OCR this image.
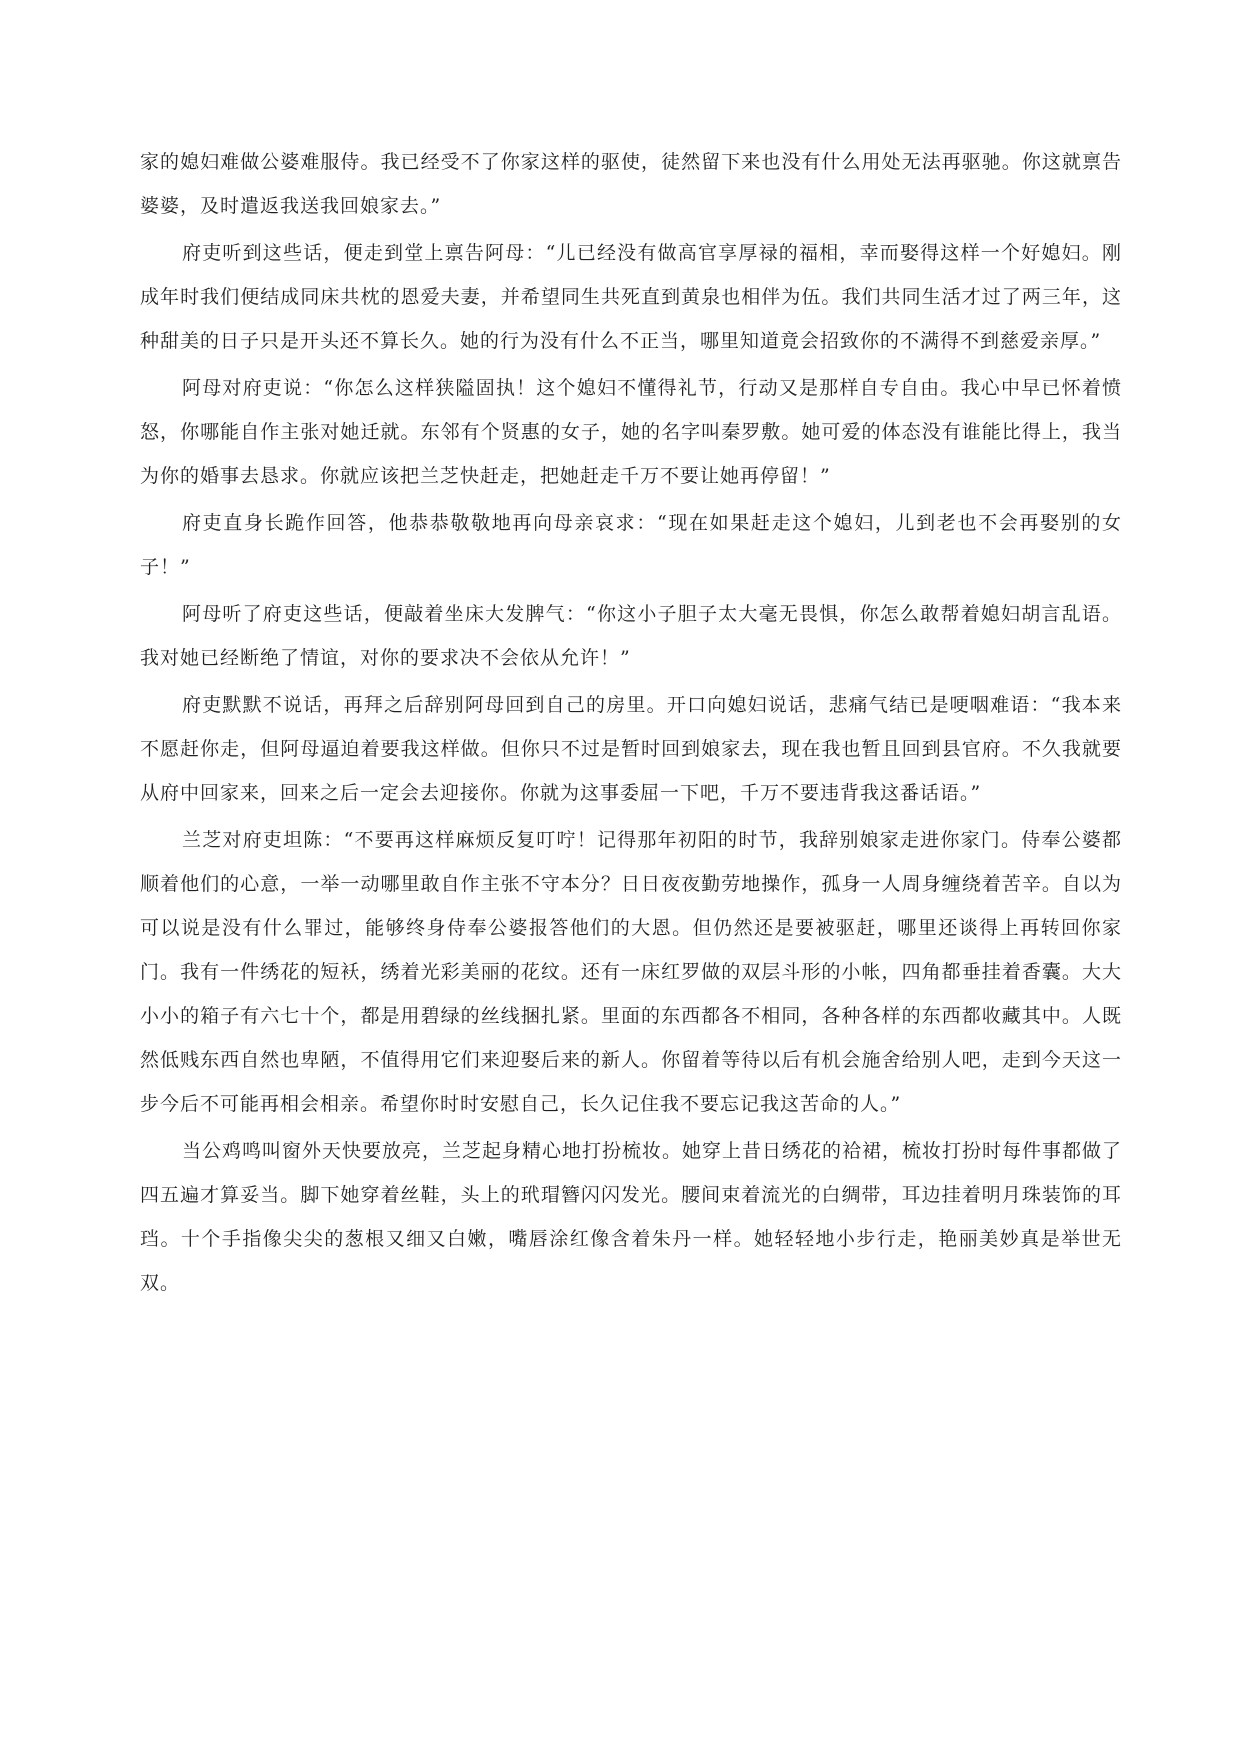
家的媳妇难做公婆难服侍。我已经受不了你家这样的驱使，徒然留下来也没有什么用处无法再驱驰。你这就禀告婆婆，及时遣返我送我回娘家去。”

府吏听到这些话，便走到堂上禀告阿母：“儿已经没有做高官享厚禄的福相，幸而娶得这样一个好媳妇。刚成年时我们便结成同床共枕的恩爱夫妻，并希望同生共死直到黄泉也相伴为伍。我们共同生活才过了两三年，这种甜美的日子只是开头还不算长久。她的行为没有什么不正当，哪里知道竟会招致你的不满得不到慈爱亲厚。”

阿母对府吏说：“你怎么这样狭隘固执！这个媳妇不懂得礼节，行动又是那样自专自由。我心中早已怀着愤怒，你哪能自作主张对她迁就。东邻有个贤惠的女子，她的名字叫秦罗敷。她可爱的体态没有谁能比得上，我当为你的婚事去恳求。你就应该把兰芝快赶走，把她赶走千万不要让她再停留！”

府吏直身长跪作回答，他恭恭敬敬地再向母亲哀求：“现在如果赶走这个媳妇，儿到老也不会再娶别的女子！”

阿母听了府吏这些话，便敲着坐床大发脾气：“你这小子胆子太大毫无畏惧，你怎么敢帮着媳妇胡言乱语。我对她已经断绝了情谊，对你的要求决不会依从允许！”

府吏默默不说话，再拜之后辞别阿母回到自己的房里。开口向媳妇说话，悲痛气结已是哽咽难语：“我本来不愿赶你走，但阿母逼迫着要我这样做。但你只不过是暂时回到娘家去，现在我也暂且回到县官府。不久我就要从府中回家来，回来之后一定会去迎接你。你就为这事委屈一下吧，千万不要违背我这番话语。”

兰芝对府吏坦陈：“不要再这样麻烦反复叮咛！记得那年初阳的时节，我辞别娘家走进你家门。侍奉公婆都顺着他们的心意，一举一动哪里敢自作主张不守本分？日日夜夜勤劳地操作，孤身一人周身缠绕着苦辛。自以为可以说是没有什么罪过，能够终身侍奉公婆报答他们的大恩。但仍然还是要被驱赶，哪里还谈得上再转回你家门。我有一件绣花的短袄，绣着光彩美丽的花纹。还有一床红罗做的双层斗形的小帐，四角都垂挂着香囊。大大小小的箱子有六七十个，都是用碧绿的丝线捆扎紧。里面的东西都各不相同，各种各样的东西都收藏其中。人既然低贱东西自然也卑陋，不值得用它们来迎娶后来的新人。你留着等待以后有机会施舍给别人吧，走到今天这一步今后不可能再相会相亲。希望你时时安慰自己，长久记住我不要忘记我这苦命的人。”

当公鸡鸣叫窗外天快要放亮，兰芝起身精心地打扮梳妆。她穿上昔日绣花的袷裙，梳妆打扮时每件事都做了四五遍才算妥当。脚下她穿着丝鞋，头上的玳瑁簪闪闪发光。腰间束着流光的白绸带，耳边挂着明月珠装饰的耳珰。十个手指像尖尖的葱根又细又白嫩，嘴唇涂红像含着朱丹一样。她轻轻地小步行走，艳丽美妙真是举世无双。
